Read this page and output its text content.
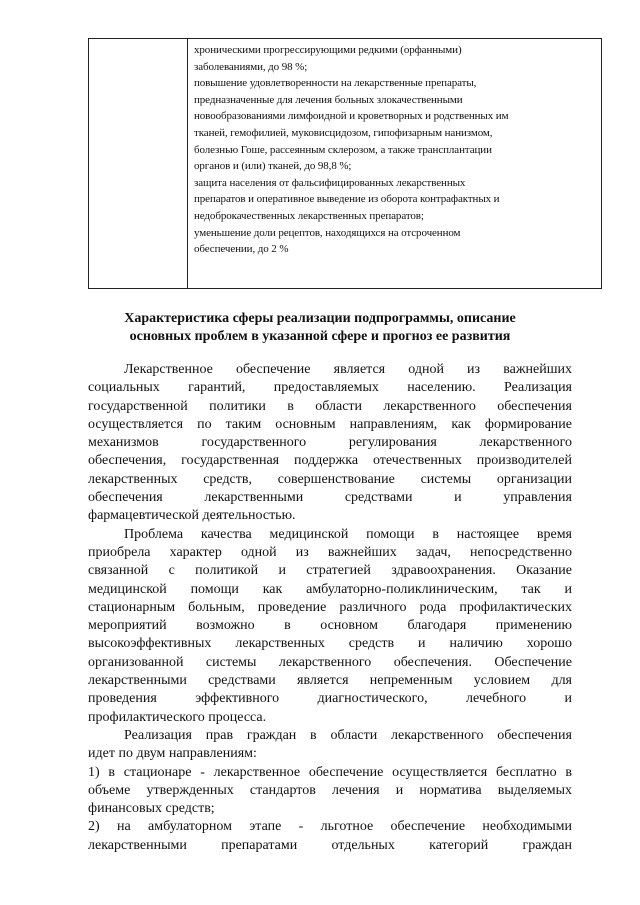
хроническими прогрессирующими редкими (орфанными)
заболеваниями, до 98 %;
повышение удовлетворенности на лекарственные препараты,
предназначенные для лечения больных злокачественными
новообразованиями лимфоидной и кроветворных и родственных им
тканей, гемофилией, муковисцидозом, гипофизарным нанизмом,
болезнью Гоше, рассеянным склерозом, а также трансплантации
органов и (или) тканей, до 98,8 %;
защита населения от фальсифицированных лекарственных
препаратов и оперативное выведение из оборота контрафактных и
недоброкачественных лекарственных препаратов;
уменьшение доли рецептов, находящихся на отсроченном
обеспечении, до 2 %
Характеристика сферы реализации подпрограммы, описание
основных проблем в указанной сфере и прогноз ее развития
Лекарственное обеспечение является одной из важнейших
социальных гарантий, предоставляемых населению. Реализация
государственной политики в области лекарственного обеспечения
осуществляется по таким основным направлениям, как формирование
механизмов государственного регулирования лекарственного
обеспечения, государственная поддержка отечественных производителей
лекарственных средств, совершенствование системы организации
обеспечения лекарственными средствами и управления
фармацевтической деятельностью.
Проблема качества медицинской помощи в настоящее время
приобрела характер одной из важнейших задач, непосредственно
связанной с политикой и стратегией здравоохранения. Оказание
медицинской помощи как амбулаторно-поликлиническим, так и
стационарным больным, проведение различного рода профилактических
мероприятий возможно в основном благодаря применению
высокоэффективных лекарственных средств и наличию хорошо
организованной системы лекарственного обеспечения. Обеспечение
лекарственными средствами является непременным условием для
проведения эффективного диагностического, лечебного и
профилактического процесса.
Реализация прав граждан в области лекарственного обеспечения
идет по двум направлениям:
1) в стационаре - лекарственное обеспечение осуществляется бесплатно в
объеме утвержденных стандартов лечения и норматива выделяемых
финансовых средств;
2) на амбулаторном этапе - льготное обеспечение необходимыми
лекарственными препаратами отдельных категорий граждан
